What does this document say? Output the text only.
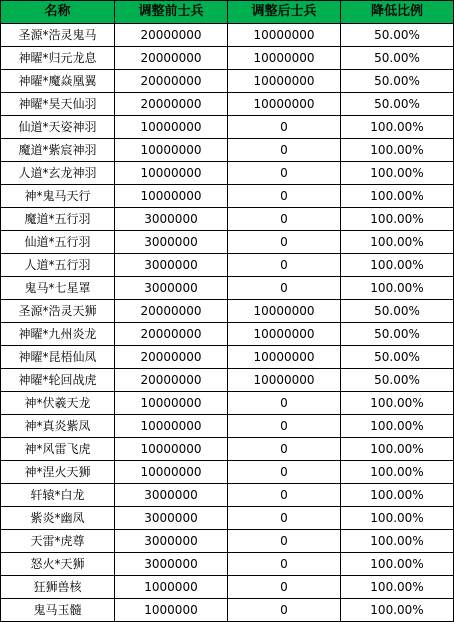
名称	调整前士兵	调整后士兵	降低比例
圣源*浩灵鬼马	20000000	10000000	50.00%
神曜*归元龙息	20000000	10000000	50.00%
神曜*魔焱凰翼	20000000	10000000	50.00%
神曜*昊天仙羽	20000000	10000000	50.00%
仙道*天姿神羽	10000000	0	100.00%
魔道*紫宸神羽	10000000	0	100.00%
人道*玄龙神羽	10000000	0	100.00%
神*鬼马天行	10000000	0	100.00%
魔道*五行羽	3000000	0	100.00%
仙道*五行羽	3000000	0	100.00%
人道*五行羽	3000000	0	100.00%
鬼马*七星罩	3000000	0	100.00%
圣源*浩灵天狮	20000000	10000000	50.00%
神曜*九州炎龙	20000000	10000000	50.00%
神曜*昆梧仙凤	20000000	10000000	50.00%
神曜*轮回战虎	20000000	10000000	50.00%
神*伏羲天龙	10000000	0	100.00%
神*真炎紫凤	10000000	0	100.00%
神*风雷飞虎	10000000	0	100.00%
神*涅火天狮	10000000	0	100.00%
轩辕*白龙	3000000	0	100.00%
紫炎*幽凤	3000000	0	100.00%
天雷*虎尊	3000000	0	100.00%
怒火*天狮	3000000	0	100.00%
狂狮兽核	1000000	0	100.00%
鬼马玉髓	1000000	0	100.00%
